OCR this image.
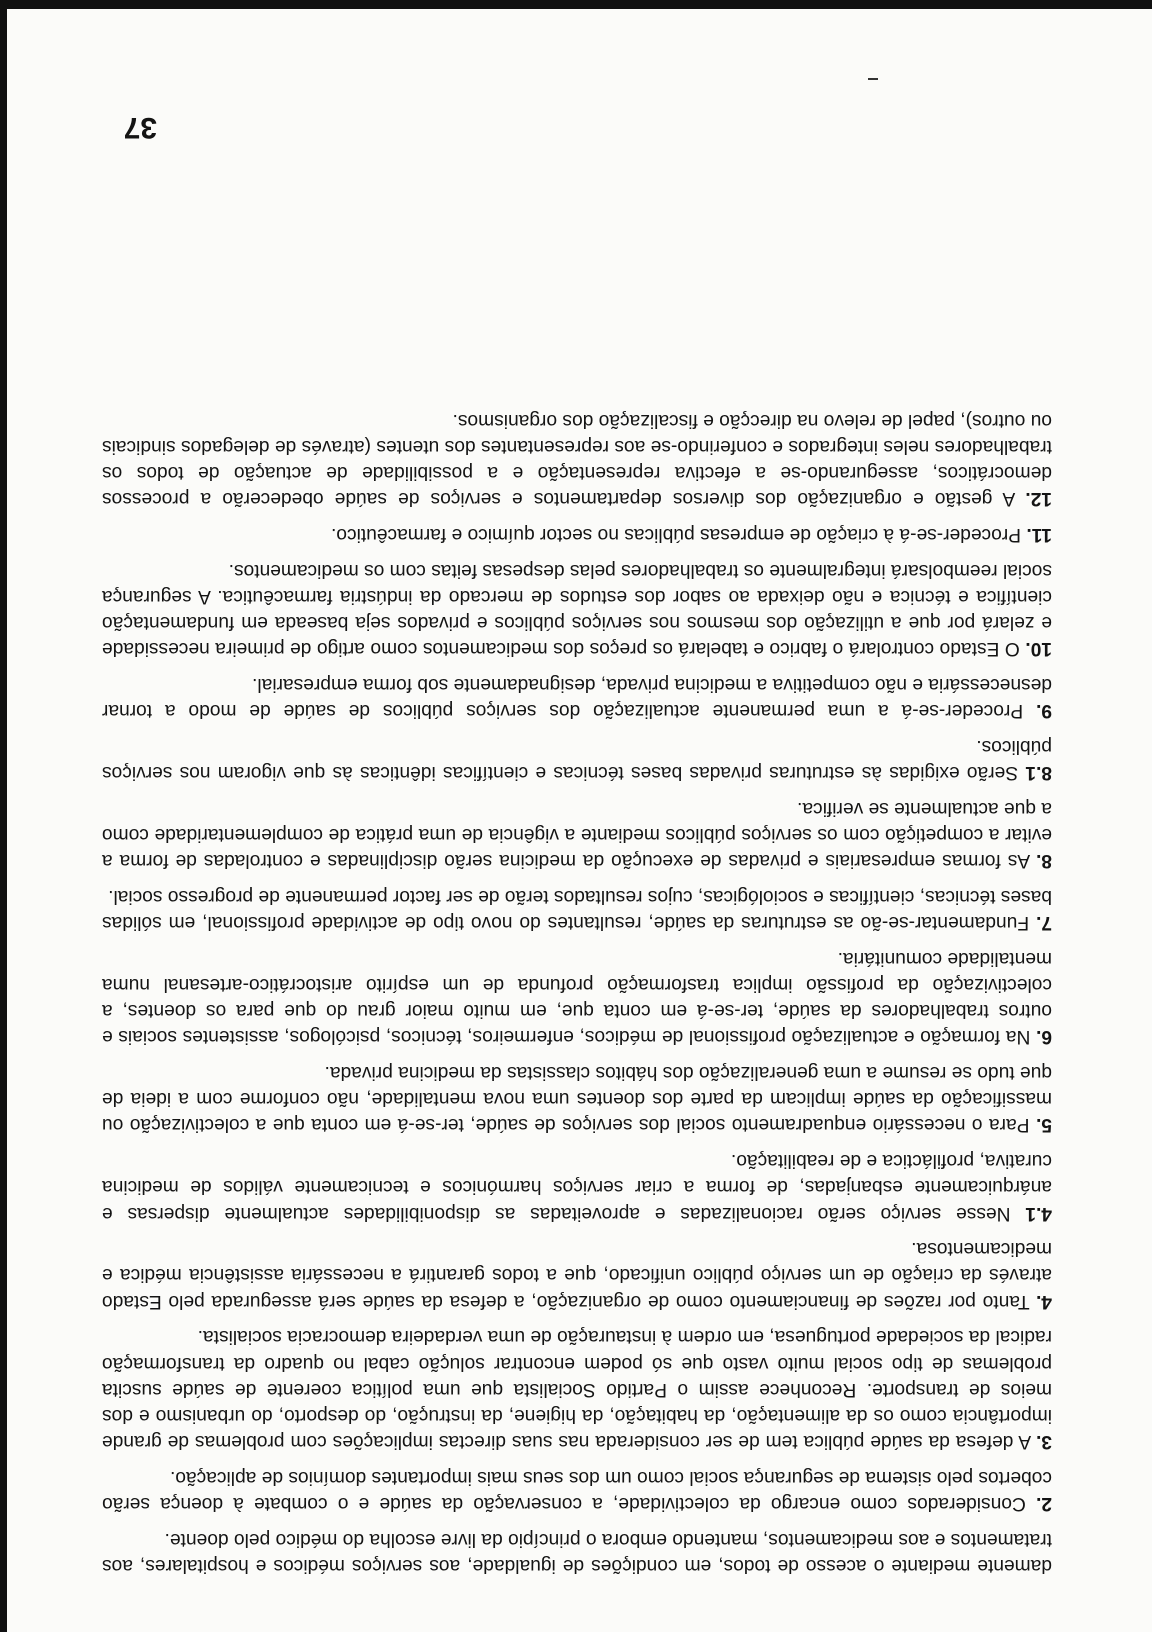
damente mediante o acesso de todos, em condições de igualdade, aos serviços médicos e hospitalares, aos tratamentos e aos medicamentos, mantendo embora o princípio da livre escolha do médico pelo doente.

2. Considerados como encargo da colectividade, a conservação da saúde e o combate à doença serão cobertos pelo sistema de segurança social como um dos seus mais importantes domínios de aplicação.

3. A defesa da saúde pública tem de ser considerada nas suas directas implicações com problemas de grande importância como os da alimentação, da habitação, da higiene, da instrução, do desporto, do urbanismo e dos meios de transporte. Reconhece assim o Partido Socialista que uma política coerente de saúde suscita problemas de tipo social muito vasto que só podem encontrar solução cabal no quadro da transformação radical da sociedade portuguesa, em ordem à instauração de uma verdadeira democracia socialista.

4. Tanto por razões de financiamento como de organização, a defesa da saúde será assegurada pelo Estado através da criação de um serviço público unificado, que a todos garantirá a necessária assistência médica e medicamentosa.

4.1 Nesse serviço serão racionalizadas e aproveitadas as disponibilidades actualmente dispersas e anárquicamente esbanjadas, de forma a criar serviços harmónicos e tecnicamente válidos de medicina curativa, profiláctica e de reabilitação.

5. Para o necessário enquadramento social dos serviços de saúde, ter-se-á em conta que a colectivização ou massificação da saúde implicam da parte dos doentes uma nova mentalidade, não conforme com a ideia de que tudo se resume a uma generalização dos hábitos classistas da medicina privada.

6. Na formação e actualização profissional de médicos, enfermeiros, técnicos, psicólogos, assistentes sociais e outros trabalhadores da saúde, ter-se-á em conta que, em muito maior grau do que para os doentes, a colectivização da profissão implica trasformação profunda de um espírito aristocrático-artesanal numa mentalidade comunitária.

7. Fundamentar-se-ão as estruturas da saúde, resultantes do novo tipo de actividade profissional, em sólidas bases técnicas, científicas e sociológicas, cujos resultados terão de ser factor permanente de progresso social.

8. As formas empresariais e privadas de execução da medicina serão disciplinadas e controladas de forma a evitar a competição com os serviços públicos mediante a vigência de uma prática de complementaridade como a que actualmente se verifica.

8.1 Serão exigidas às estruturas privadas bases técnicas e científicas idênticas às que vigoram nos serviços públicos.

9. Proceder-se-á a uma permanente actualização dos serviços públicos de saúde de modo a tornar desnecessária e não competitiva a medicina privada, designadamente sob forma empresarial.

10. O Estado controlará o fabrico e tabelará os preços dos medicamentos como artigo de primeira necessidade e zelará por que a utilização dos mesmos nos serviços públicos e privados seja baseada em fundamentação científica e técnica e não deixada ao sabor dos estudos de mercado da indústria farmacêutica. A segurança social reembolsará integralmente os trabalhadores pelas despesas feitas com os medicamentos.

11. Proceder-se-á à criação de empresas públicas no sector químico e farmacêutico.

12. A gestão e organização dos diversos departamentos e serviços de saúde obedecerão a processos democráticos, assegurando-se a efectiva representação e a possibilidade de actuação de todos os trabalhadores neles integrados e conferindo-se aos representantes dos utentes (através de delegados sindicais ou outros), papel de relevo na direcção e fiscalização dos organismos.

37
